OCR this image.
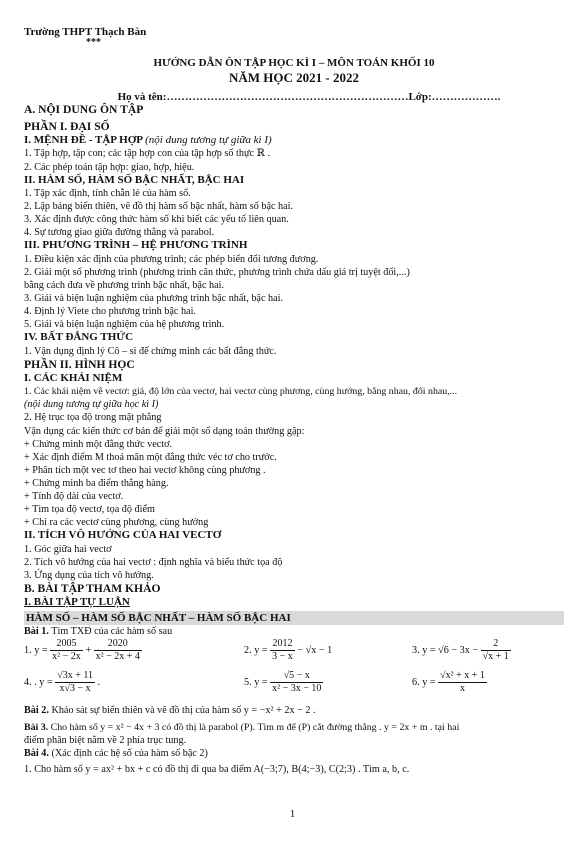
Trường THPT Thạch Bàn
***
HƯỚNG DẪN ÔN TẬP HỌC KÌ I – MÔN TOÁN KHỐI 10
NĂM HỌC 2021 - 2022
Họ và tên:…………………………………………………………Lớp:……………….
A. NỘI DUNG ÔN TẬP
PHẦN I. ĐẠI SỐ
I. MỆNH ĐỀ - TẬP HỢP (nội dung tương tự giữa kì I)
1. Tập hợp, tập con; các tập hợp con của tập hợp số thực ℝ .
2. Các phép toán tập hợp: giao, hợp, hiệu.
II. HÀM SỐ, HÀM SỐ BẬC NHẤT, BẬC HAI
1. Tập xác định, tính chẵn lẻ của hàm số.
2. Lập bảng biến thiên, vẽ đồ thị hàm số bậc nhất, hàm số bậc hai.
3. Xác định được công thức hàm số khi biết các yếu tố liên quan.
4. Sự tương giao giữa đường thẳng và parabol.
III. PHƯƠNG TRÌNH – HỆ PHƯƠNG TRÌNH
1. Điều kiện xác định của phương trình; các phép biến đổi tương đương.
2. Giải một số phương trình (phương trình căn thức, phương trình chứa dấu giá trị tuyệt đối,...)
bằng cách đưa về phương trình bậc nhất, bậc hai.
3. Giải và biện luận nghiệm của phương trình bậc nhất, bậc hai.
4. Định lý Viete cho phương trình bậc hai.
5. Giải và biện luận nghiệm của hệ phương trình.
IV. BẤT ĐẲNG THỨC
1. Vận dụng định lý Cô – si để chứng minh các bất đẳng thức.
PHẦN II. HÌNH HỌC
I. CÁC KHÁI NIỆM
1. Các khái niệm về vectơ: giá, độ lớn của vectơ, hai vectơ cùng phương, cùng hướng, bằng nhau, đối nhau,...
(nội dung tương tự giữa học kì I)
2. Hệ trục tọa độ trong mặt phẳng
Vận dụng các kiến thức cơ bản để giải một số dạng toán thường gặp:
+ Chứng minh một đẳng thức vectơ.
+ Xác định điểm M thoả mãn một đẳng thức véc tơ cho trước.
+ Phân tích một vec tơ theo hai vectơ không cùng phương .
+ Chứng minh ba điểm thẳng hàng.
+ Tính độ dài của vectơ.
+ Tìm tọa độ vectơ, tọa độ điểm
+ Chỉ ra các vectơ cùng phương, cùng hướng
II. TÍCH VÔ HƯỚNG CỦA HAI VECTƠ
1. Góc giữa hai vectơ
2. Tích vô hướng của hai vectơ : định nghĩa và biểu thức tọa độ
3. Ứng dụng của tích vô hướng.
B. BÀI TẬP THAM KHẢO
I. BÀI TẬP TỰ LUẬN
HÀM SỐ – HÀM SỐ BẬC NHẤT – HÀM SỐ BẬC HAI
Bài 1. Tìm TXĐ của các hàm số sau
1. $y = \frac{2005}{\text{x² − 2x}} + \frac{2020}{\text{x² − 2x + 4}}$	2. $y = \frac{2012}{3 - x} - √x - 1$	3. $y = √6 - 3x - \frac{2}{√x + 1}$
4. . $y = \frac{√3x + 11}{x√3 - x}$ .	5. $y = \frac{√5 - x}{\text{x² − 3x − 10}}$	6. $y = \frac{\text{√x² + x + 1}}{x}$
Bài 2. Khảo sát sự biến thiên và vẽ đồ thị của hàm số y = −x² + 2x − 2 .
Bài 3. Cho hàm số y = x² − 4x + 3 có đồ thị là parabol (P). Tìm m để (P) cắt đường thẳng . y = 2x + m . tại hai
điểm phân biệt nằm về 2 phía trục tung.
Bài 4. (Xác định các hệ số của hàm số bậc 2)
1. Cho hàm số y = ax² + bx + c có đồ thị đi qua ba điểm A(−3;7), B(4;−3), C(2;3) . Tìm a, b, c.
1
